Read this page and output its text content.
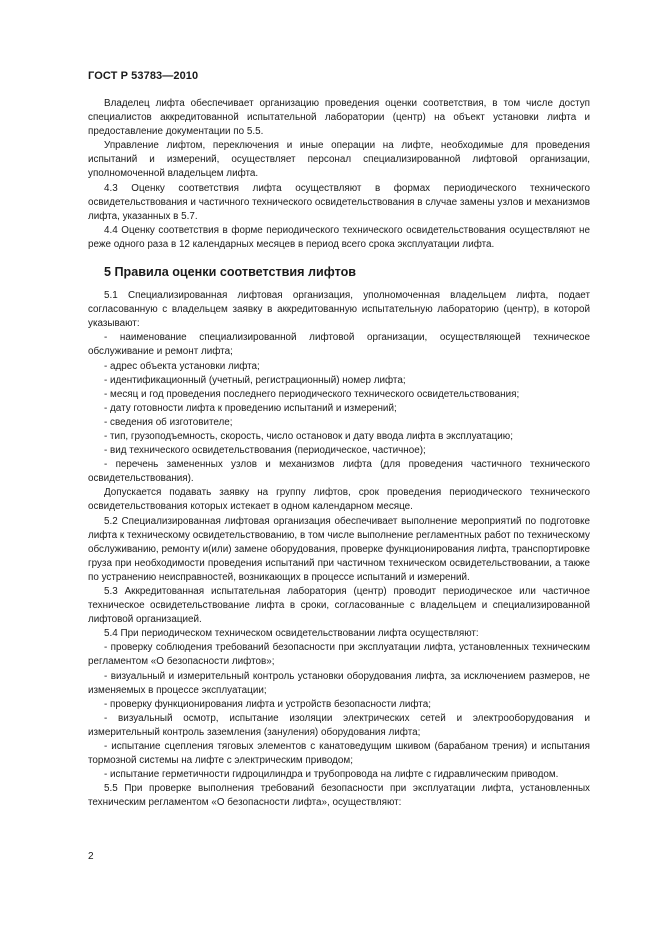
ГОСТ Р 53783—2010

Владелец лифта обеспечивает организацию проведения оценки соответствия, в том числе доступ специалистов аккредитованной испытательной лаборатории (центр) на объект установки лифта и предоставление документации по 5.5.

Управление лифтом, переключения и иные операции на лифте, необходимые для проведения испытаний и измерений, осуществляет персонал специализированной лифтовой организации, уполномоченной владельцем лифта.

4.3 Оценку соответствия лифта осуществляют в формах периодического технического освидетельствования и частичного технического освидетельствования в случае замены узлов и механизмов лифта, указанных в 5.7.

4.4 Оценку соответствия в форме периодического технического освидетельствования осуществляют не реже одного раза в 12 календарных месяцев в период всего срока эксплуатации лифта.

5 Правила оценки соответствия лифтов

5.1 Специализированная лифтовая организация, уполномоченная владельцем лифта, подает согласованную с владельцем заявку в аккредитованную испытательную лабораторию (центр), в которой указывают:

- наименование специализированной лифтовой организации, осуществляющей техническое обслуживание и ремонт лифта;

- адрес объекта установки лифта;

- идентификационный (учетный, регистрационный) номер лифта;

- месяц и год проведения последнего периодического технического освидетельствования;

- дату готовности лифта к проведению испытаний и измерений;

- сведения об изготовителе;

- тип, грузоподъемность, скорость, число остановок и дату ввода лифта в эксплуатацию;

- вид технического освидетельствования (периодическое, частичное);

- перечень замененных узлов и механизмов лифта (для проведения частичного технического освидетельствования).

Допускается подавать заявку на группу лифтов, срок проведения периодического технического освидетельствования которых истекает в одном календарном месяце.

5.2 Специализированная лифтовая организация обеспечивает выполнение мероприятий по подготовке лифта к техническому освидетельствованию, в том числе выполнение регламентных работ по техническому обслуживанию, ремонту и(или) замене оборудования, проверке функционирования лифта, транспортировке груза при необходимости проведения испытаний при частичном техническом освидетельствовании, а также по устранению неисправностей, возникающих в процессе испытаний и измерений.

5.3 Аккредитованная испытательная лаборатория (центр) проводит периодическое или частичное техническое освидетельствование лифта в сроки, согласованные с владельцем и специализированной лифтовой организацией.

5.4 При периодическом техническом освидетельствовании лифта осуществляют:

- проверку соблюдения требований безопасности при эксплуатации лифта, установленных техническим регламентом «О безопасности лифтов»;

- визуальный и измерительный контроль установки оборудования лифта, за исключением размеров, не изменяемых в процессе эксплуатации;

- проверку функционирования лифта и устройств безопасности лифта;

- визуальный осмотр, испытание изоляции электрических сетей и электрооборудования и измерительный контроль заземления (зануления) оборудования лифта;

- испытание сцепления тяговых элементов с канатоведущим шкивом (барабаном трения) и испытания тормозной системы на лифте с электрическим приводом;

- испытание герметичности гидроцилиндра и трубопровода на лифте с гидравлическим приводом.

5.5 При проверке выполнения требований безопасности при эксплуатации лифта, установленных техническим регламентом «О безопасности лифта», осуществляют:

2
